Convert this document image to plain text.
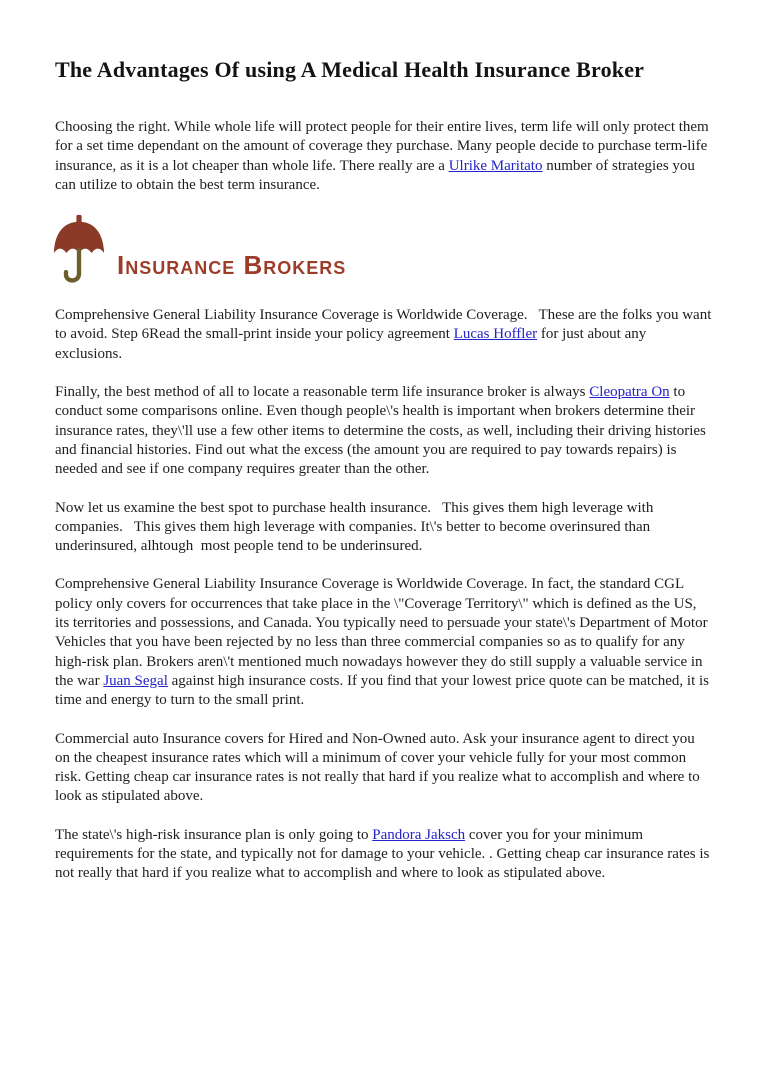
The Advantages Of using A Medical Health Insurance Broker

Choosing the right. While whole life will protect people for their entire lives, term life will only protect them for a set time dependant on the amount of coverage they purchase. Many people decide to purchase term-life insurance, as it is a lot cheaper than whole life. There really are a Ulrike Maritato number of strategies you can utilize to obtain the best term insurance.

Insurance Brokers

Comprehensive General Liability Insurance Coverage is Worldwide Coverage.   These are the folks you want to avoid. Step 6Read the small-print inside your policy agreement Lucas Hoffler for just about any exclusions.

Finally, the best method of all to locate a reasonable term life insurance broker is always Cleopatra On to conduct some comparisons online. Even though people\'s health is important when brokers determine their insurance rates, they\'ll use a few other items to determine the costs, as well, including their driving histories and financial histories. Find out what the excess (the amount you are required to pay towards repairs) is needed and see if one company requires greater than the other.

Now let us examine the best spot to purchase health insurance.   This gives them high leverage with companies.   This gives them high leverage with companies. It\'s better to become overinsured than underinsured, alhtough  most people tend to be underinsured.

Comprehensive General Liability Insurance Coverage is Worldwide Coverage. In fact, the standard CGL policy only covers for occurrences that take place in the \"Coverage Territory\" which is defined as the US, its territories and possessions, and Canada. You typically need to persuade your state\'s Department of Motor Vehicles that you have been rejected by no less than three commercial companies so as to qualify for any high-risk plan. Brokers aren\'t mentioned much nowadays however they do still supply a valuable service in the war Juan Segal against high insurance costs. If you find that your lowest price quote can be matched, it is time and energy to turn to the small print.

Commercial auto Insurance covers for Hired and Non-Owned auto. Ask your insurance agent to direct you on the cheapest insurance rates which will a minimum of cover your vehicle fully for your most common risk. Getting cheap car insurance rates is not really that hard if you realize what to accomplish and where to look as stipulated above.

The state\'s high-risk insurance plan is only going to Pandora Jaksch cover you for your minimum requirements for the state, and typically not for damage to your vehicle. . Getting cheap car insurance rates is not really that hard if you realize what to accomplish and where to look as stipulated above.
